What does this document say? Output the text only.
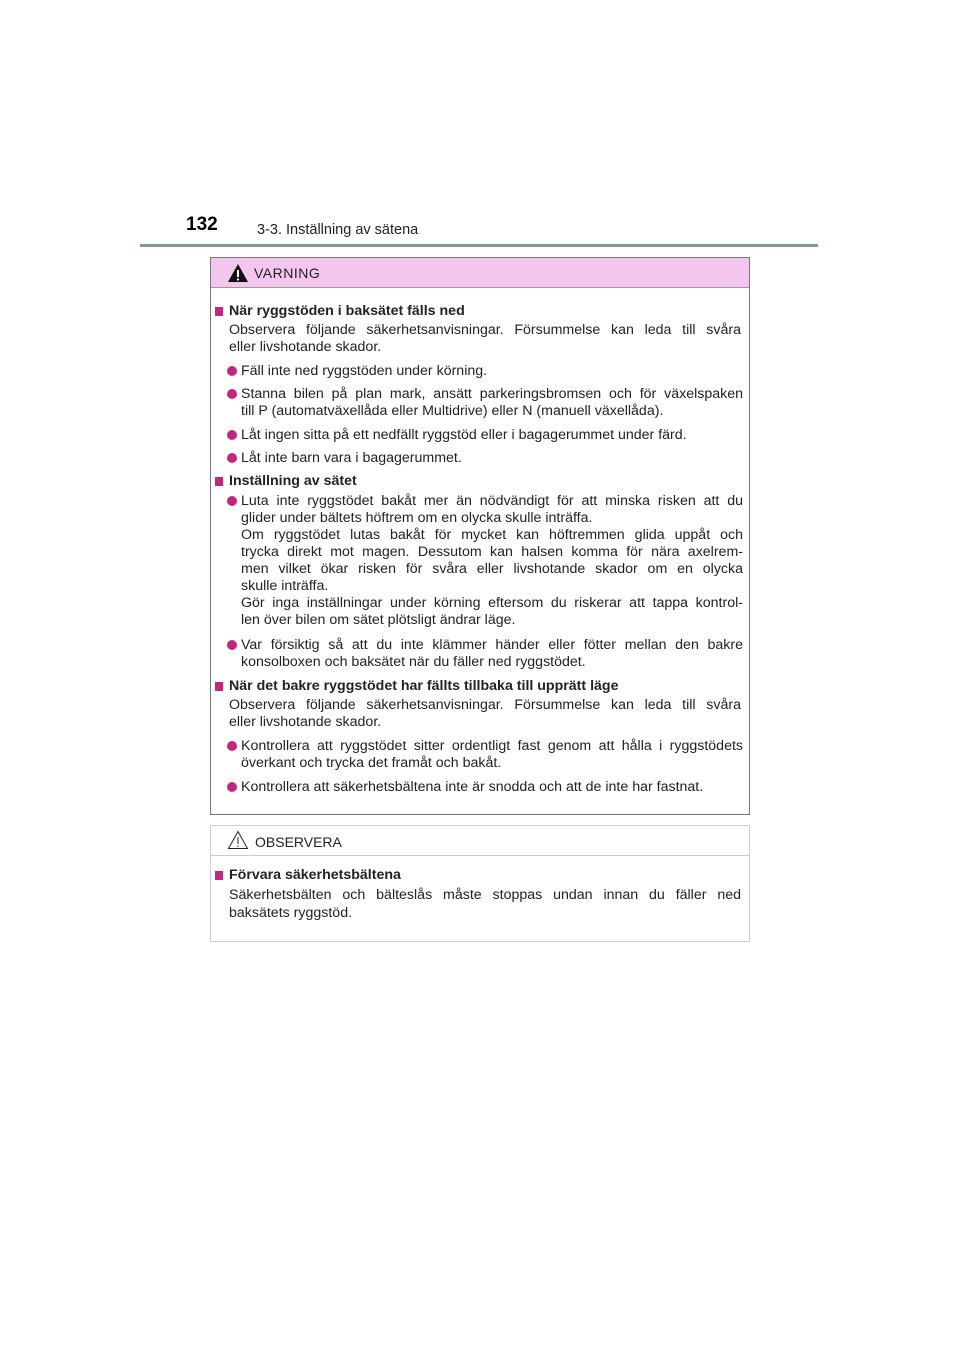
132	3-3. Inställning av sätena
VARNING
När ryggstöden i baksätet fälls ned
Observera följande säkerhetsanvisningar. Försummelse kan leda till svåra
eller livshotande skador.
Fäll inte ned ryggstöden under körning.
Stanna bilen på plan mark, ansätt parkeringsbromsen och för växelspaken
till P (automatväxellåda eller Multidrive) eller N (manuell växellåda).
Låt ingen sitta på ett nedfällt ryggstöd eller i bagagerummet under färd.
Låt inte barn vara i bagagerummet.
Inställning av sätet
Luta inte ryggstödet bakåt mer än nödvändigt för att minska risken att du
glider under bältets höftrem om en olycka skulle inträffa.
Om ryggstödet lutas bakåt för mycket kan höftremmen glida uppåt och
trycka direkt mot magen. Dessutom kan halsen komma för nära axelrem-
men vilket ökar risken för svåra eller livshotande skador om en olycka
skulle inträffa.
Gör inga inställningar under körning eftersom du riskerar att tappa kontrol-
len över bilen om sätet plötsligt ändrar läge.
Var försiktig så att du inte klämmer händer eller fötter mellan den bakre
konsolboxen och baksätet när du fäller ned ryggstödet.
När det bakre ryggstödet har fällts tillbaka till upprätt läge
Observera följande säkerhetsanvisningar. Försummelse kan leda till svåra
eller livshotande skador.
Kontrollera att ryggstödet sitter ordentligt fast genom att hålla i ryggstödets
överkant och trycka det framåt och bakåt.
Kontrollera att säkerhetsbältena inte är snodda och att de inte har fastnat.
OBSERVERA
Förvara säkerhetsbältena
Säkerhetsbälten och bälteslås måste stoppas undan innan du fäller ned
baksätets ryggstöd.
